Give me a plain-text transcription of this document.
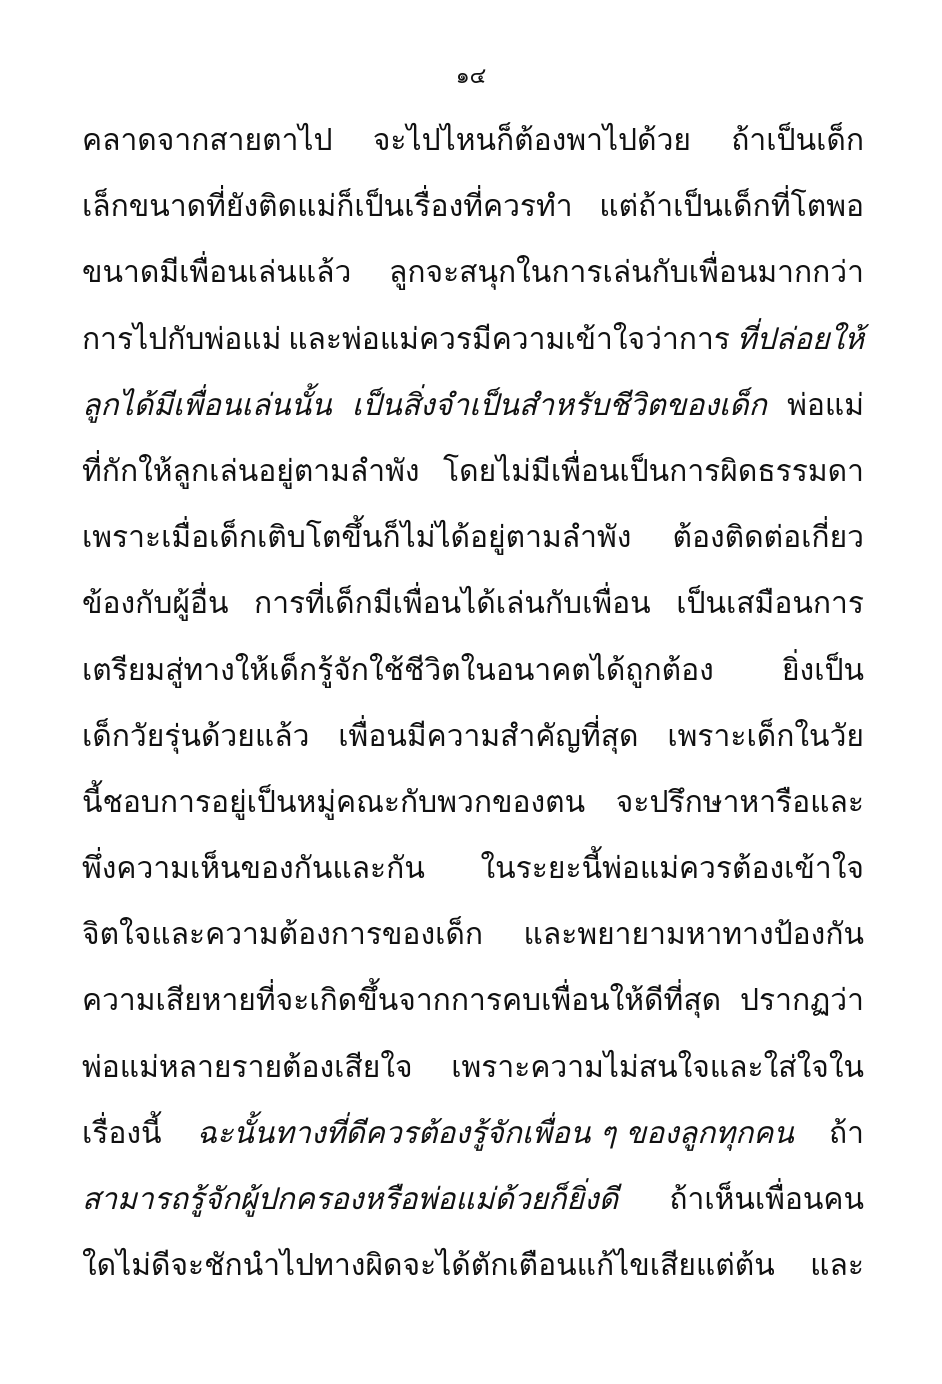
๑๔
คลาดจากสายตาไป จะไปไหนก็ต้องพาไปด้วย ถ้าเป็นเด็ก
เล็กขนาดที่ยังติดแม่ก็เป็นเรื่องที่ควรทำ แต่ถ้าเป็นเด็กที่โตพอ
ขนาดมีเพื่อนเล่นแล้ว ลูกจะสนุกในการเล่นกับเพื่อนมากกว่า
การไปกับพ่อแม่ และพ่อแม่ควรมีความเข้าใจว่าการ ที่ปล่อยให้
ลูกได้มีเพื่อนเล่นนั้น เป็นสิ่งจำเป็นสำหรับชีวิตของเด็ก พ่อแม่
ที่กักให้ลูกเล่นอยู่ตามลำพัง โดยไม่มีเพื่อนเป็นการผิดธรรมดา
เพราะเมื่อเด็กเติบโตขึ้นก็ไม่ได้อยู่ตามลำพัง ต้องติดต่อเกี่ยว
ข้องกับผู้อื่น การที่เด็กมีเพื่อนได้เล่นกับเพื่อน เป็นเสมือนการ
เตรียมสู่ทางให้เด็กรู้จักใช้ชีวิตในอนาคตได้ถูกต้อง ยิ่งเป็น
เด็กวัยรุ่นด้วยแล้ว เพื่อนมีความสำคัญที่สุด เพราะเด็กในวัย
นี้ชอบการอยู่เป็นหมู่คณะกับพวกของตน จะปรึกษาหารือและ
พึ่งความเห็นของกันและกัน ในระยะนี้พ่อแม่ควรต้องเข้าใจ
จิตใจและความต้องการของเด็ก และพยายามหาทางป้องกัน
ความเสียหายที่จะเกิดขึ้นจากการคบเพื่อนให้ดีที่สุด ปรากฏว่า
พ่อแม่หลายรายต้องเสียใจ เพราะความไม่สนใจและใส่ใจใน
เรื่องนี้ ฉะนั้นทางที่ดีควรต้องรู้จักเพื่อน ๆ ของลูกทุกคน ถ้า
สามารถรู้จักผู้ปกครองหรือพ่อแม่ด้วยก็ยิ่งดี ถ้าเห็นเพื่อนคน
ใดไม่ดีจะชักนำไปทางผิดจะได้ตักเตือนแก้ไขเสียแต่ต้น และ
